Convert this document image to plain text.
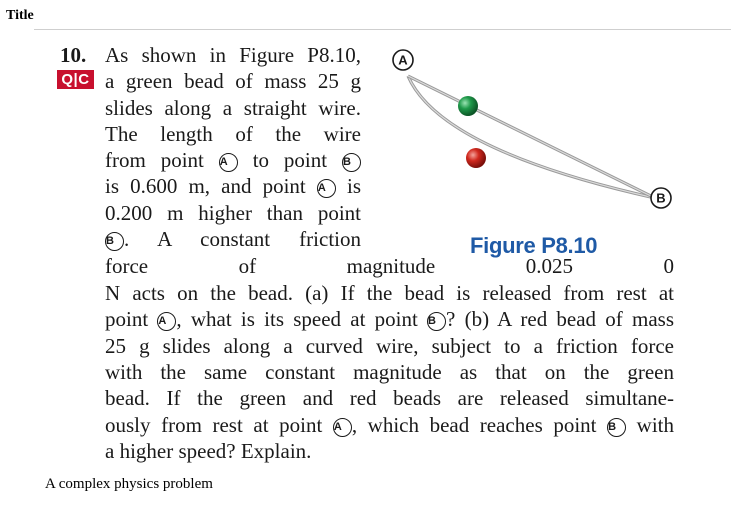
Title
10.
Q|C
As shown in Figure P8.10,
a green bead of mass 25 g
slides along a straight wire.
The length of the wire
from point A to point B
is 0.600 m, and point A is
0.200 m higher than point
B . A constant friction
force of magnitude 0.025 0
N acts on the bead. (a) If the bead is released from rest at
point A , what is its speed at point B ? (b) A red bead of mass
25 g slides along a curved wire, subject to a friction force
with the same constant magnitude as that on the green
bead. If the green and red beads are released simultane-
ously from rest at point A , which bead reaches point B with
a higher speed? Explain.
A
B
Figure P8.10
A complex physics problem
